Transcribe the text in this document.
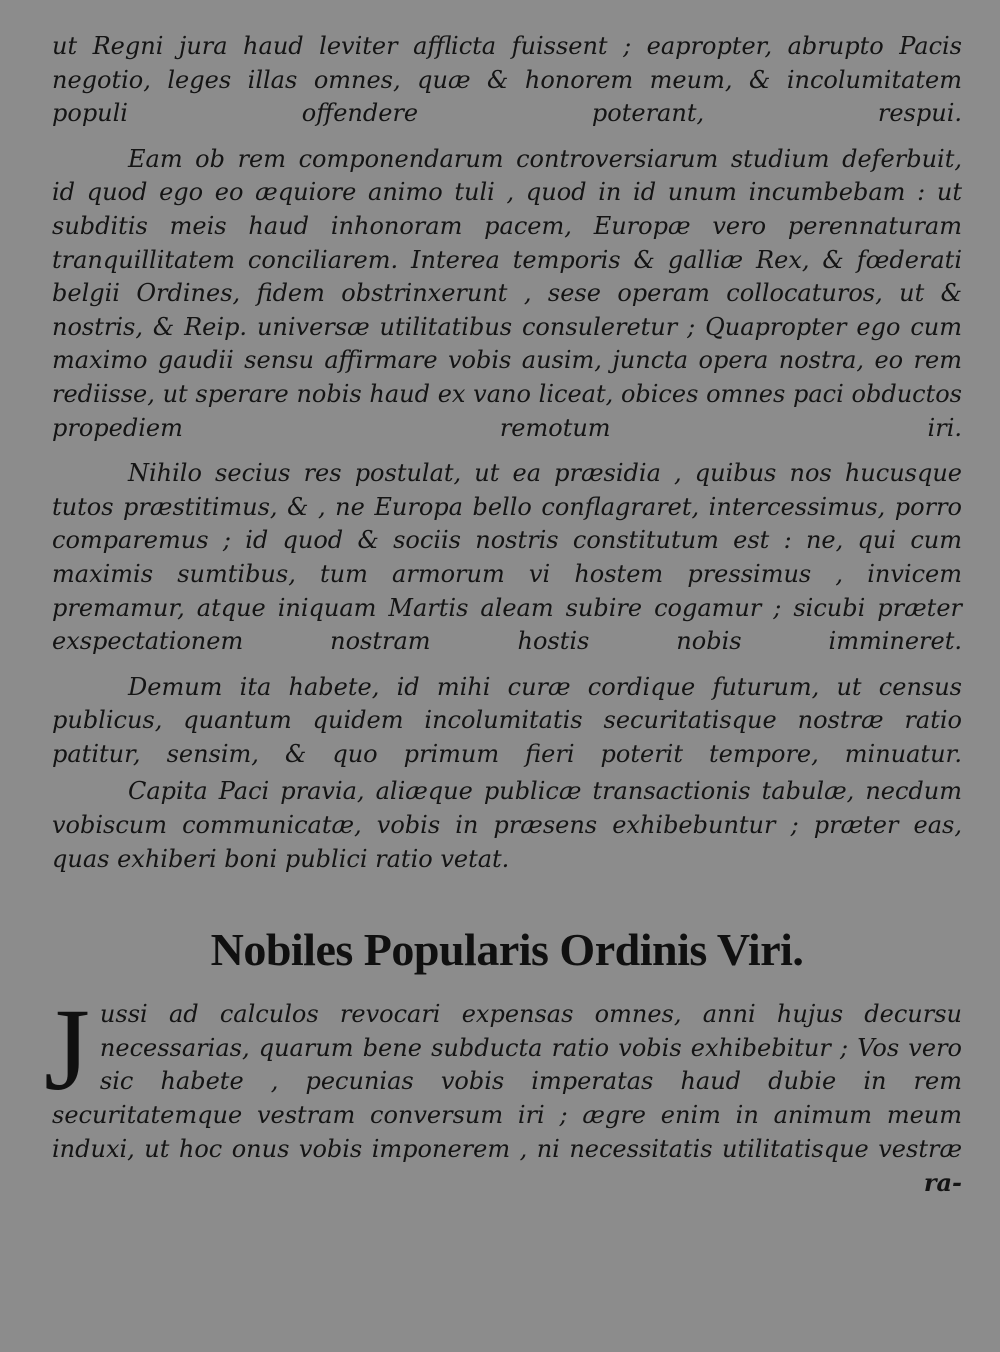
ut Regni jura haud leviter afflicta fuissent ; eapropter, abrupto Pacis negotio, leges illas omnes, quæ & honorem meum, & incolumitatem populi offendere poterant, respui.

Eam ob rem componendarum controversiarum studium deferbuit, id quod ego eo æquiore animo tuli , quod in id unum incumbebam : ut subditis meis haud inhonoram pacem, Europæ vero perennaturam tranquillitatem conciliarem. Interea temporis & galliæ Rex, & fœderati belgii Ordines, fidem obstrinxerunt , sese operam collocaturos, ut & nostris, & Reip. universæ utilitatibus consuleretur ; Quapropter ego cum maximo gaudii sensu affirmare vobis ausim, juncta opera nostra, eo rem rediisse, ut sperare nobis haud ex vano liceat, obices omnes paci obductos propediem remotum iri.

Nihilo secius res postulat, ut ea præsidia , quibus nos hucusque tutos præstitimus, & , ne Europa bello conflagraret, intercessimus, porro comparemus ; id quod & sociis nostris constitutum est : ne, qui cum maximis sumtibus, tum armorum vi hostem pressimus , invicem premamur, atque iniquam Martis aleam subire cogamur ; sicubi præter exspectationem nostram hostis nobis immineret.

Demum ita habete, id mihi curæ cordique futurum, ut census publicus, quantum quidem incolumitatis securitatisque nostræ ratio patitur, sensim, & quo primum fieri poterit tempore, minuatur.

Capita Paci pravia, aliæque publicæ transactionis tabulæ, necdum vobiscum communicatæ, vobis in præsens exhibebuntur ; præter eas, quas exhiberi boni publici ratio vetat.

Nobiles Popularis Ordinis Viri.
J ussi ad calculos revocari expensas omnes, anni hujus decursu necessarias, quarum bene subducta ratio vobis exhibebitur ; Vos vero sic habete , pecunias vobis imperatas haud dubie in rem securitatemque vestram conversum iri ; ægre enim in animum meum induxi, ut hoc onus vobis imponerem , ni necessitatis utilitatisque vestræ

ra-
